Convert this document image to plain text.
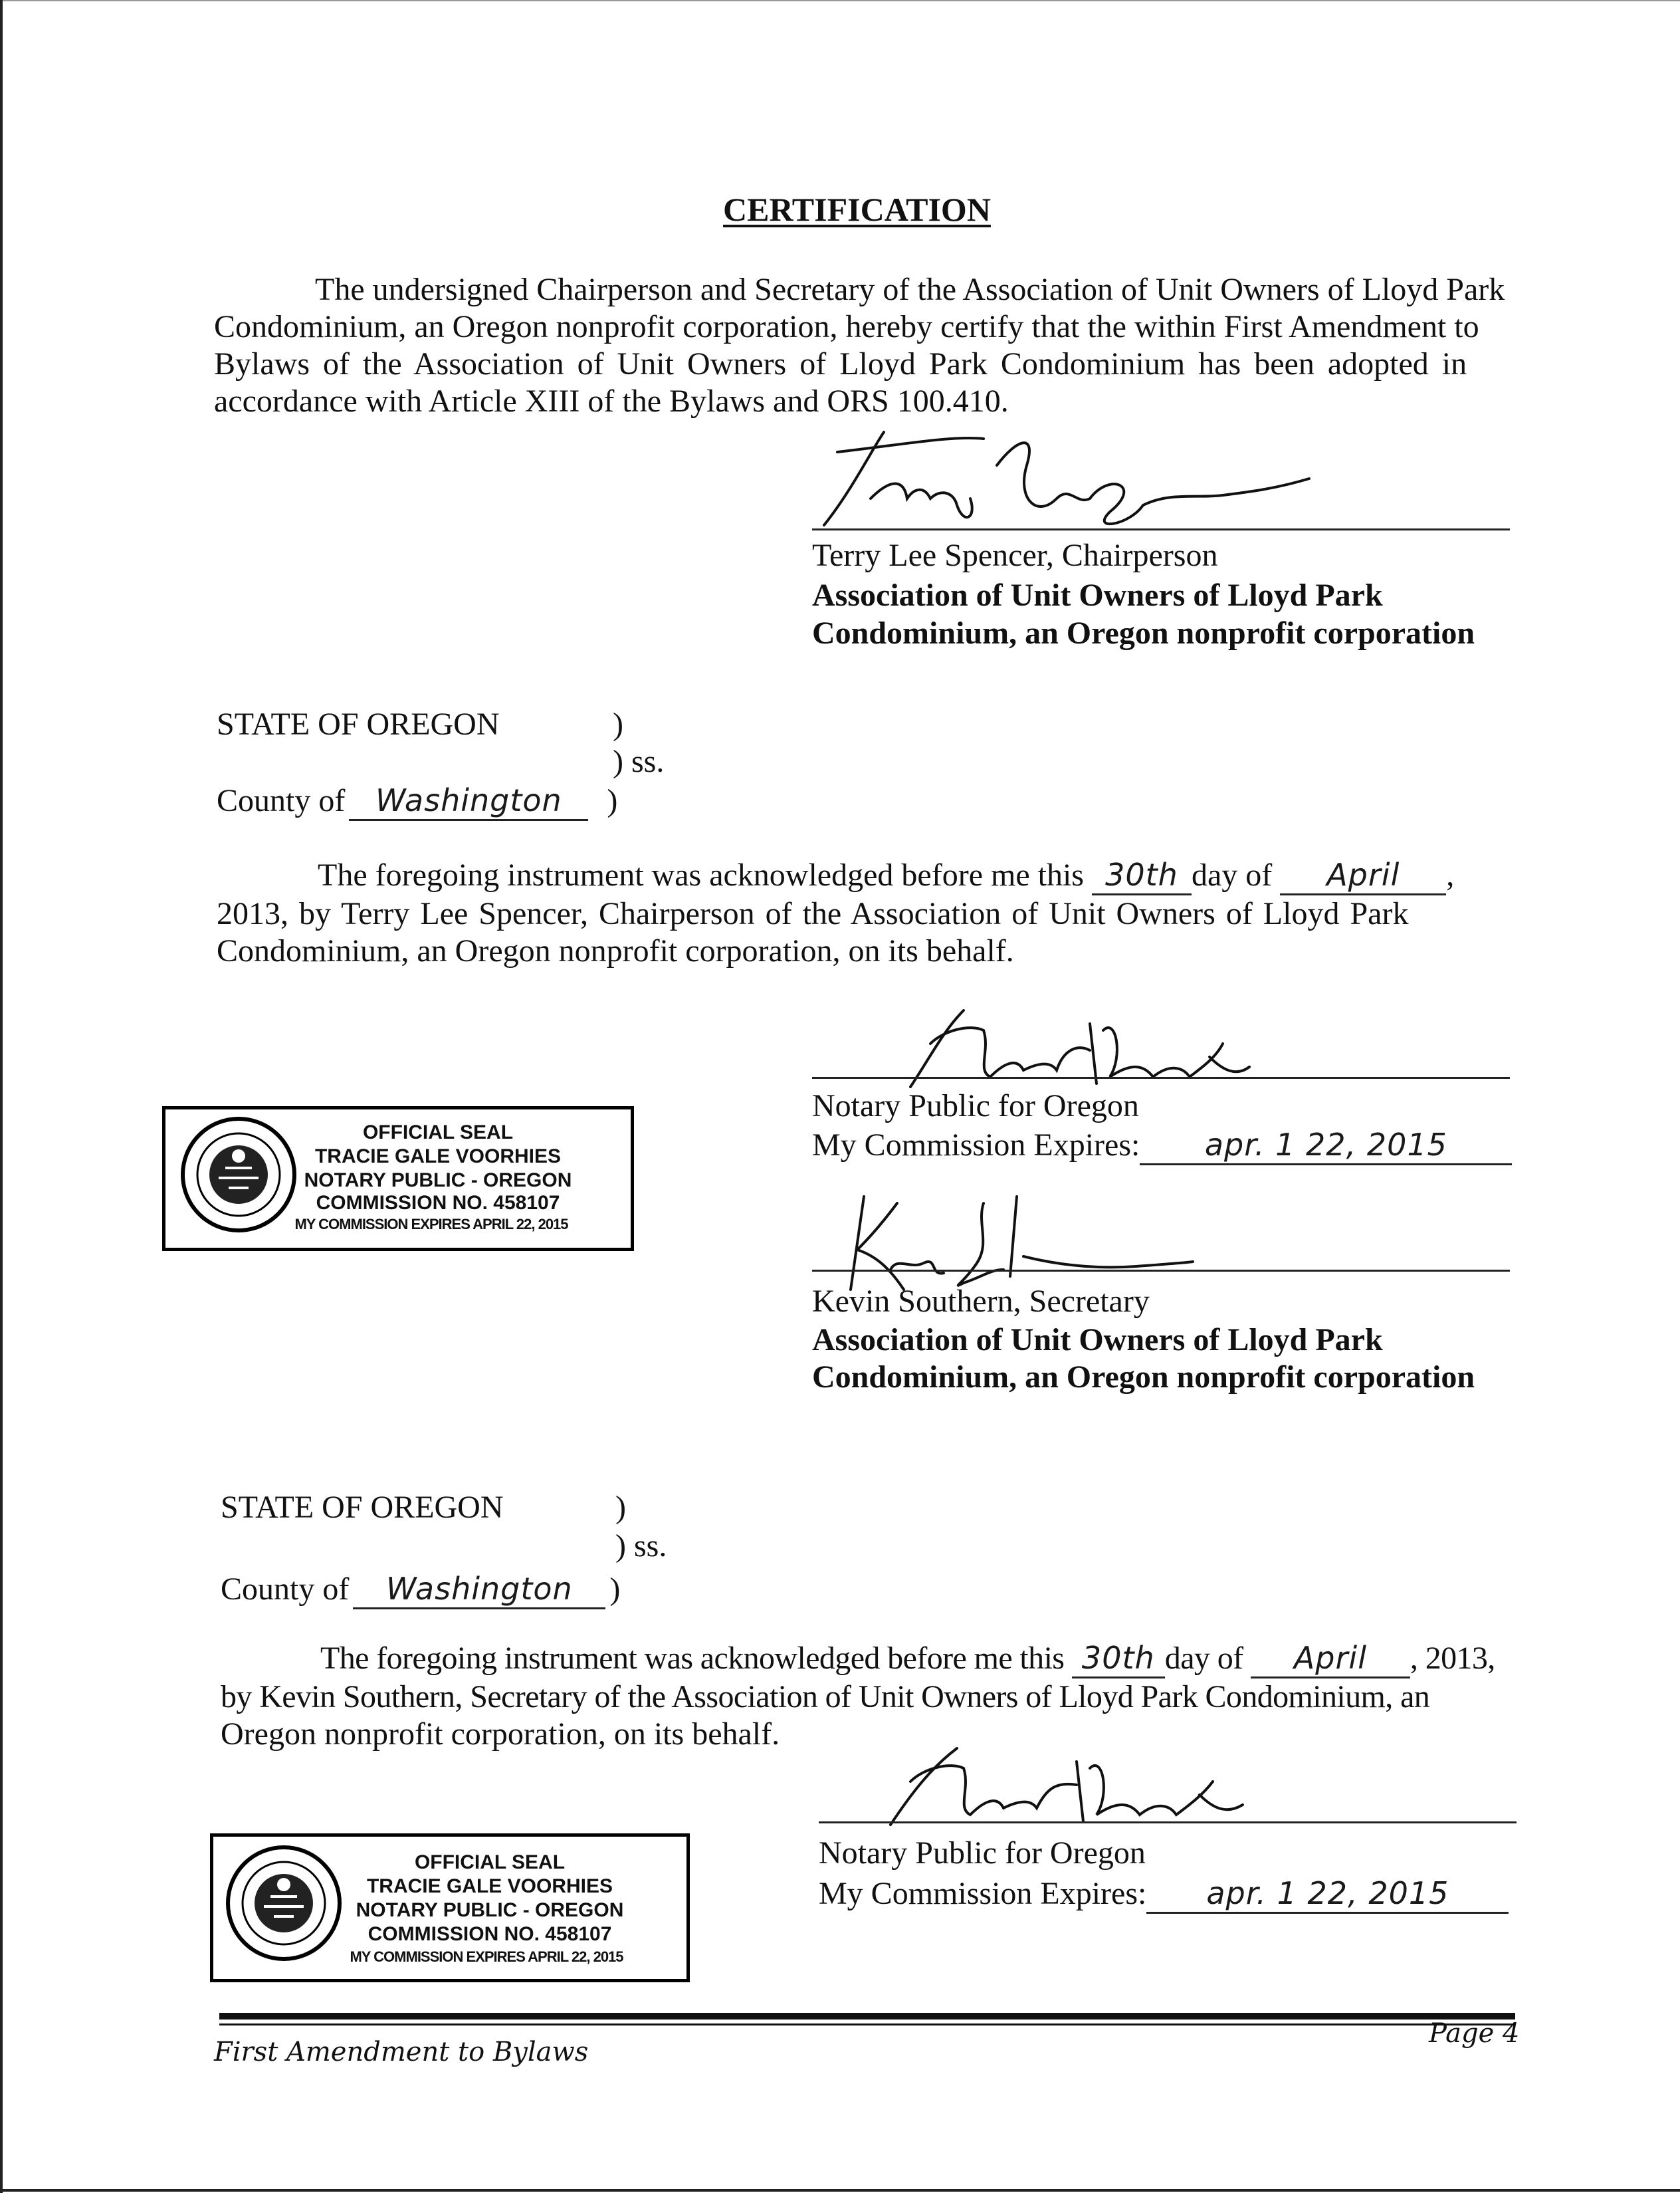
CERTIFICATION
The undersigned Chairperson and Secretary of the Association of Unit Owners of Lloyd Park
Condominium, an Oregon nonprofit corporation, hereby certify that the within First Amendment to
Bylaws of the Association of Unit Owners of Lloyd Park Condominium has been adopted in
accordance with Article XIII of the Bylaws and ORS 100.410.
Terry Lee Spencer, Chairperson
Association of Unit Owners of Lloyd Park
Condominium, an Oregon nonprofit corporation
STATE OF OREGON	)
) ss.
County of Washington )
The foregoing instrument was acknowledged before me this 30th day of April ,
2013, by Terry Lee Spencer, Chairperson of the Association of Unit Owners of Lloyd Park
Condominium, an Oregon nonprofit corporation, on its behalf.
Notary Public for Oregon
My Commission Expires: apr. 1 22, 2015
OFFICIAL SEAL
TRACIE GALE VOORHIES
NOTARY PUBLIC - OREGON
COMMISSION NO. 458107
MY COMMISSION EXPIRES APRIL 22, 2015
Kevin Southern, Secretary
Association of Unit Owners of Lloyd Park
Condominium, an Oregon nonprofit corporation
STATE OF OREGON	)
) ss.
County of Washington )
The foregoing instrument was acknowledged before me this 30th day of April , 2013,
by Kevin Southern, Secretary of the Association of Unit Owners of Lloyd Park Condominium, an
Oregon nonprofit corporation, on its behalf.
Notary Public for Oregon
My Commission Expires: apr. 1 22, 2015
OFFICIAL SEAL
TRACIE GALE VOORHIES
NOTARY PUBLIC - OREGON
COMMISSION NO. 458107
MY COMMISSION EXPIRES APRIL 22, 2015
First Amendment to Bylaws
Page 4
